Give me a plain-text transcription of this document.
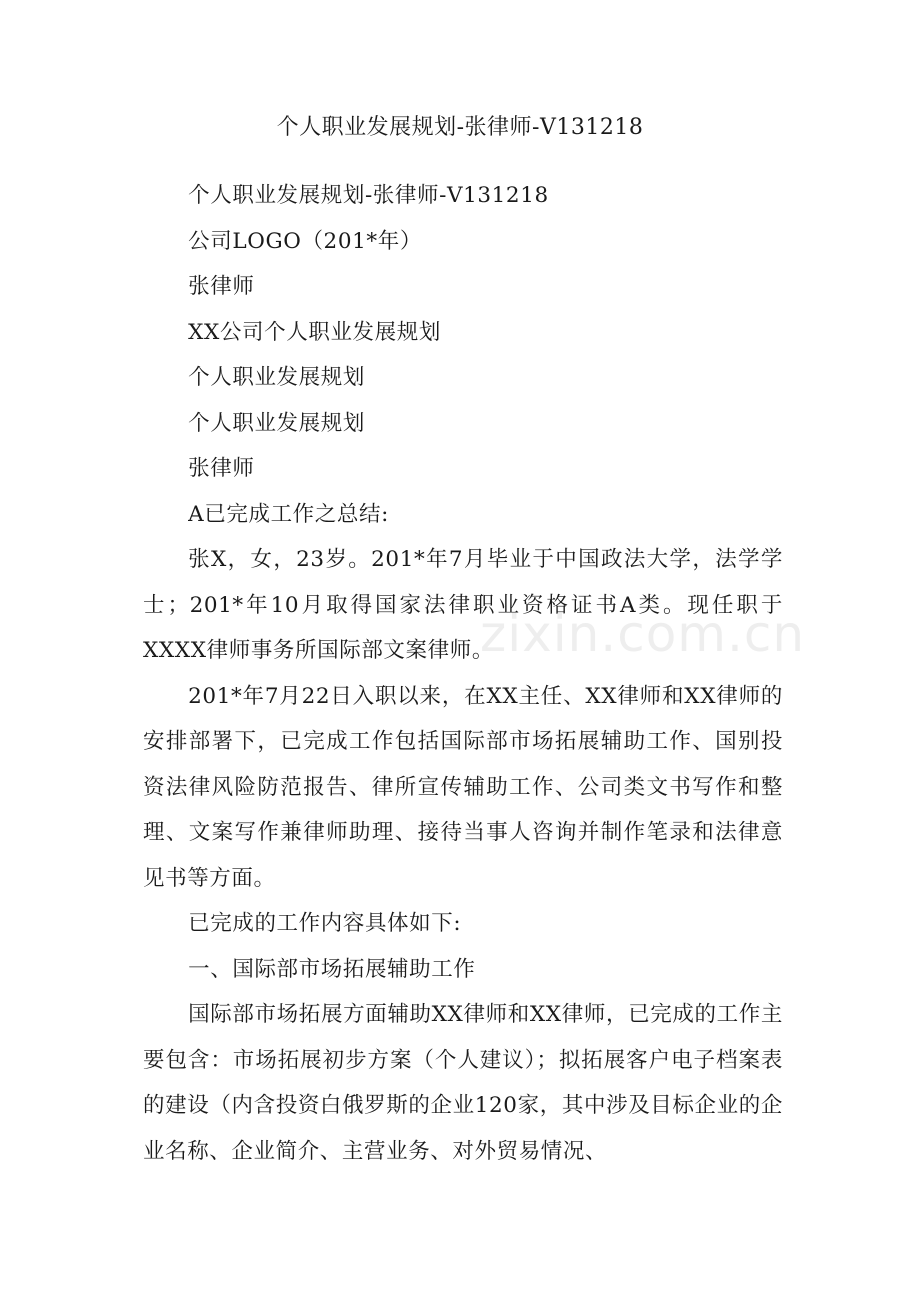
个人职业发展规划-张律师-V131218

个人职业发展规划-张律师-V131218

公司LOGO（201*年）

张律师

XX公司个人职业发展规划

个人职业发展规划

个人职业发展规划

张律师

A已完成工作之总结:

张X，女，23岁。201*年7月毕业于中国政法大学，法学学士；201*年10月取得国家法律职业资格证书A类。现任职于XXXX律师事务所国际部文案律师。

201*年7月22日入职以来，在XX主任、XX律师和XX律师的安排部署下，已完成工作包括国际部市场拓展辅助工作、国别投资法律风险防范报告、律所宣传辅助工作、公司类文书写作和整理、文案写作兼律师助理、接待当事人咨询并制作笔录和法律意见书等方面。

已完成的工作内容具体如下:

一、国际部市场拓展辅助工作

国际部市场拓展方面辅助XX律师和XX律师，已完成的工作主要包含：市场拓展初步方案（个人建议）；拟拓展客户电子档案表的建设（内含投资白俄罗斯的企业120家，其中涉及目标企业的企业名称、企业简介、主营业务、对外贸易情况、

zixin.com.cn
